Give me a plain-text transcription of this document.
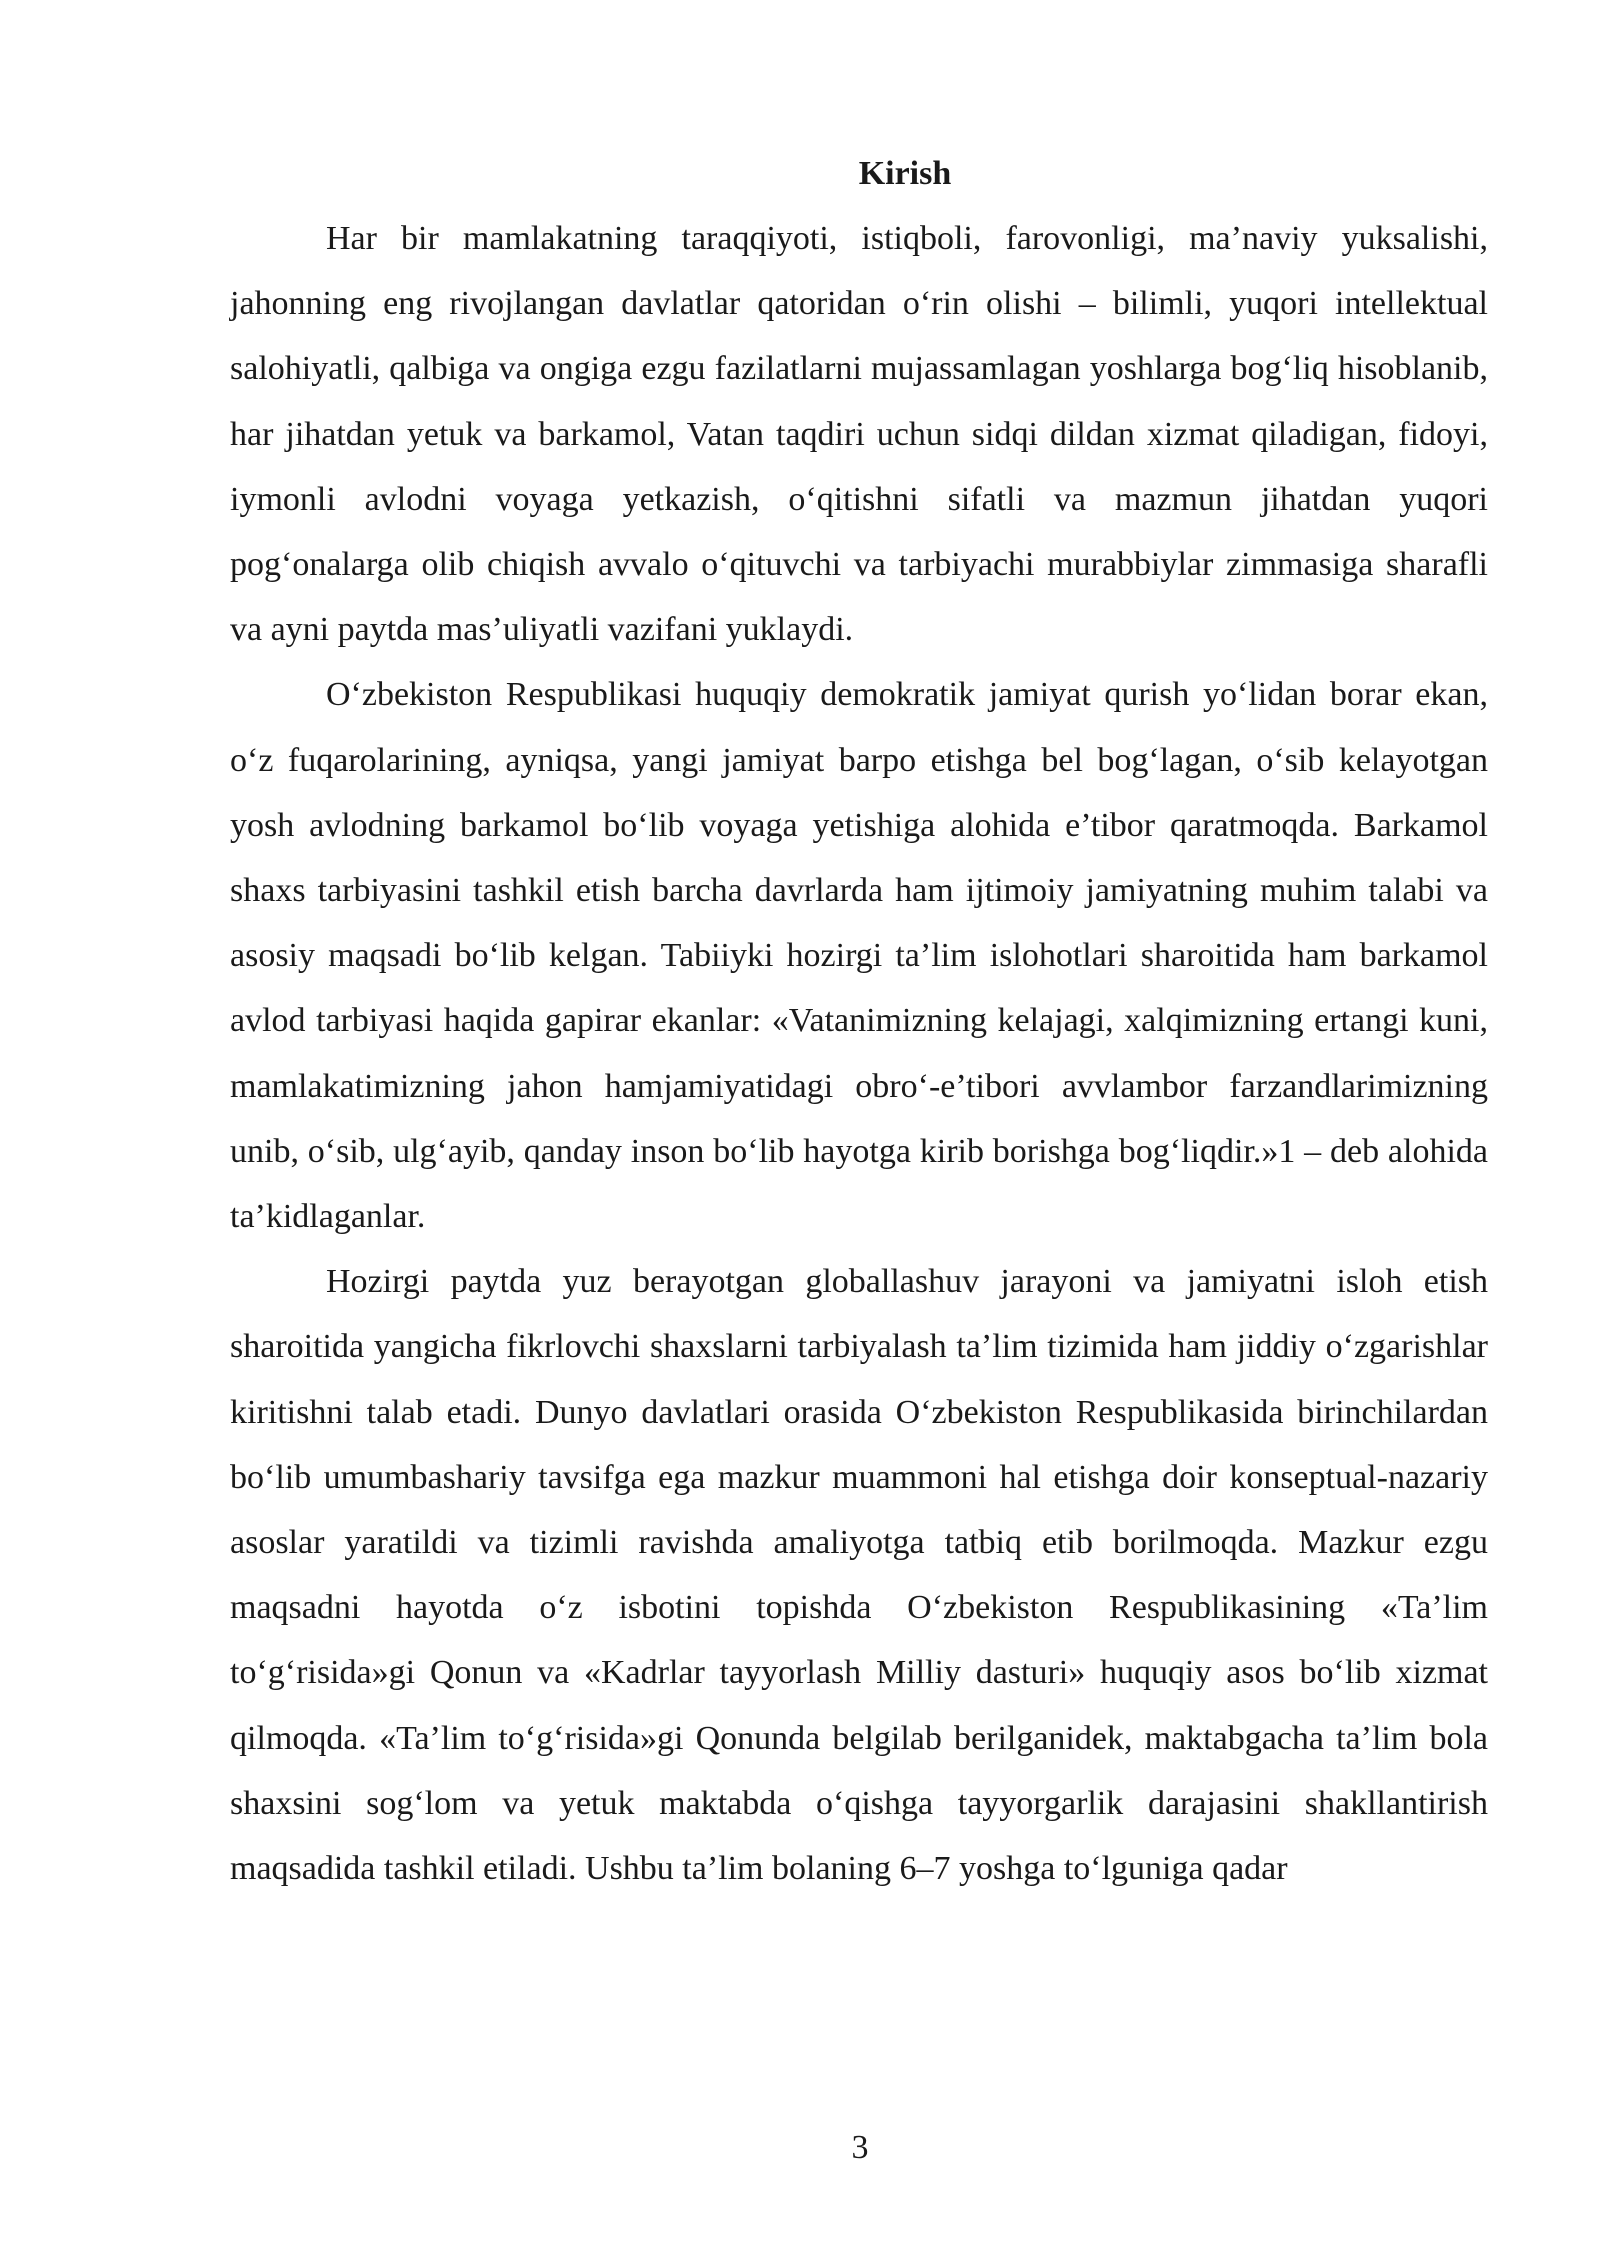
Kirish

Har bir mamlakatning taraqqiyoti, istiqboli, farovonligi, ma’naviy yuksalishi, jahonning eng rivojlangan davlatlar qatoridan o‘rin olishi – bilimli, yuqori intellektual salohiyatli, qalbiga va ongiga ezgu fazilatlarni mujassamlagan yoshlarga bog‘liq hisoblanib, har jihatdan yetuk va barkamol, Vatan taqdiri uchun sidqi dildan xizmat qiladigan, fidoyi, iymonli avlodni voyaga yetkazish, o‘qitishni sifatli va mazmun jihatdan yuqori pog‘onalarga olib chiqish avvalo o‘qituvchi va tarbiyachi murabbiylar zimmasiga sharafli va ayni paytda mas’uliyatli vazifani yuklaydi.

O‘zbekiston Respublikasi huquqiy demokratik jamiyat qurish yo‘lidan borar ekan, o‘z fuqarolarining, ayniqsa, yangi jamiyat barpo etishga bel bog‘lagan, o‘sib kelayotgan yosh avlodning barkamol bo‘lib voyaga yetishiga alohida e’tibor qaratmoqda. Barkamol shaxs tarbiyasini tashkil etish barcha davrlarda ham ijtimoiy jamiyatning muhim talabi va asosiy maqsadi bo‘lib kelgan. Tabiiyki hozirgi ta’lim islohotlari sharoitida ham barkamol avlod tarbiyasi haqida gapirar ekanlar: «Vatanimizning kelajagi, xalqimizning ertangi kuni, mamlakatimizning jahon hamjamiyatidagi obro‘-e’tibori avvlambor farzandlarimizning unib, o‘sib, ulg‘ayib, qanday inson bo‘lib hayotga kirib borishga bog‘liqdir.»1 – deb alohida ta’kidlaganlar.

Hozirgi paytda yuz berayotgan globallashuv jarayoni va jamiyatni isloh etish sharoitida yangicha fikrlovchi shaxslarni tarbiyalash ta’lim tizimida ham jiddiy o‘zgarishlar kiritishni talab etadi. Dunyo davlatlari orasida O‘zbekiston Respublikasida birinchilardan bo‘lib umumbashariy tavsifga ega mazkur muammoni hal etishga doir konseptual-nazariy asoslar yaratildi va tizimli ravishda amaliyotga tatbiq etib borilmoqda. Mazkur ezgu maqsadni hayotda o‘z isbotini topishda O‘zbekiston Respublikasining «Ta’lim to‘g‘risida»gi Qonun va «Kadrlar tayyorlash Milliy dasturi» huquqiy asos bo‘lib xizmat qilmoqda. «Ta’lim to‘g‘risida»gi Qonunda belgilab berilganidek, maktabgacha ta’lim bola shaxsini sog‘lom va yetuk maktabda o‘qishga tayyorgarlik darajasini shakllantirish maqsadida tashkil etiladi. Ushbu ta’lim bolaning 6–7 yoshga to‘lguniga qadar

3
